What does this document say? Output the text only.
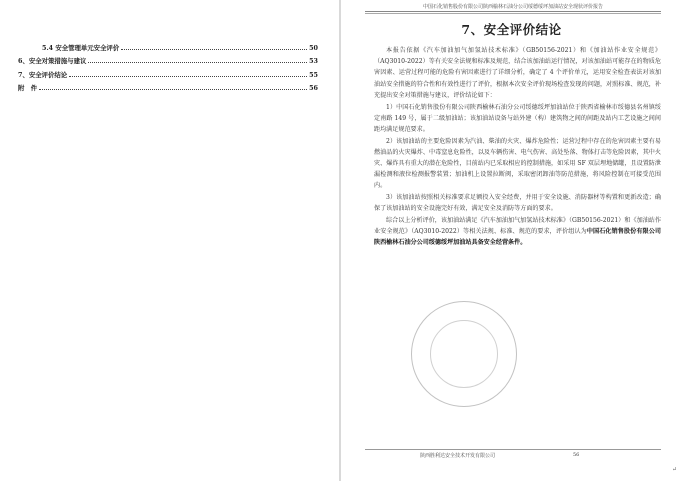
5.4 安全管理单元安全评价	50
6、安全对策措施与建议	53
7、安全评价结论	55
附　件	56
中国石化销售股份有限公司陕西榆林石油分公司绥德绥坪加油站安全现状评价报告
7、安全评价结论

本报告依据《汽车加油加气加氢站技术标准》（GB50156-2021）和《加油站作业安全规范》（AQ3010-2022）等有关安全法规和标准及规范，结合该加油站运行情况，对该加油站可能存在的物质危害因素、运营过程可能的危险有害因素进行了详细分析，确定了 4 个评价单元，运用安全检查表法对该加油站安全措施的符合性和有效性进行了评价，根据本次安全评价现场检查发现的问题，对照标准、规范，补充提出安全对策措施与建议，评价结论如下：

1）中国石化销售股份有限公司陕西榆林石油分公司绥德绥坪加油站位于陕西省榆林市绥德县名州镇绥定南路 149 号，属于二级加油站；该加油站设备与站外建（构）建筑物之间的间距及站内工艺设施之间间距均满足规范要求。

2）该加油站的主要危险因素为汽油、柴油的火灾、爆炸危险性；运营过程中存在的危害因素主要有易燃油品的火灾爆炸、中毒窒息危险性，以及车辆伤害、电气伤害、高处坠落、物体打击等危险因素，其中火灾、爆炸具有重大的潜在危险性，目前站内已采取相应的控制措施，如采用 SF 双层埋地储罐，且设置防泄漏检测和液位检测报警装置；加油机上设置拉断阀，采取密闭卸油等防范措施，将风险控制在可接受范围内。

3）该加油站按照相关标准要求足额投入安全经费，并用于安全设施、消防器材等构置和更新改造；确保了该加油站的安全设施完好有效，满足安全及消防等方面的要求。

综合以上分析评价，该加油站满足《汽车加油加气加氢站技术标准》（GB50156-2021）和《加油站作业安全规范》（AQ3010-2022）等相关法规、标准、规范的要求，评价组认为中国石化销售股份有限公司陕西榆林石油分公司绥德绥坪加油站具备安全经营条件。

陕西胜利达安全技术开发有限公司	56
↵
